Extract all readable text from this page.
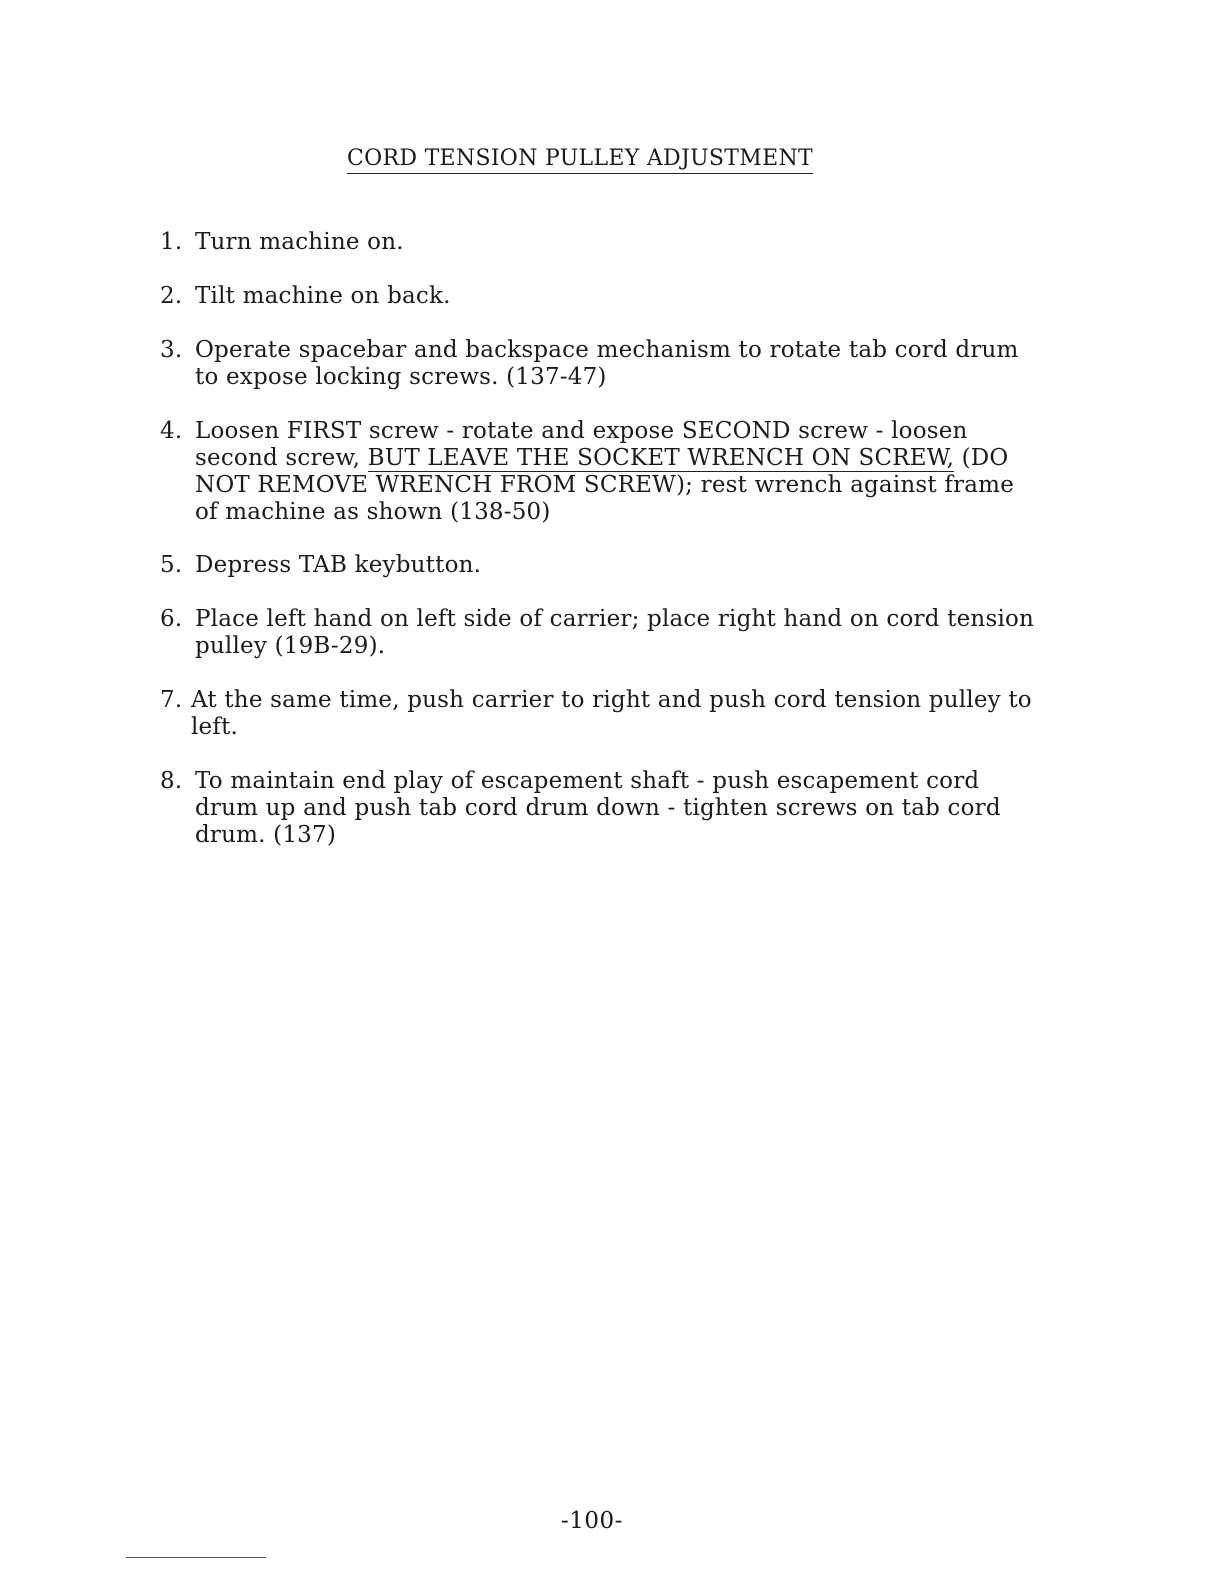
CORD TENSION PULLEY ADJUSTMENT
1. Turn machine on.
2. Tilt machine on back.
3. Operate spacebar and backspace mechanism to rotate tab cord drum to expose locking screws. (137-47)
4. Loosen FIRST screw - rotate and expose SECOND screw - loosen second screw, BUT LEAVE THE SOCKET WRENCH ON SCREW, (DO NOT REMOVE WRENCH FROM SCREW); rest wrench against frame of machine as shown (138-50)
5. Depress TAB keybutton.
6. Place left hand on left side of carrier; place right hand on cord tension pulley (19B-29).
7. At the same time, push carrier to right and push cord tension pulley to left.
8. To maintain end play of escapement shaft - push escapement cord drum up and push tab cord drum down - tighten screws on tab cord drum. (137)
-100-
